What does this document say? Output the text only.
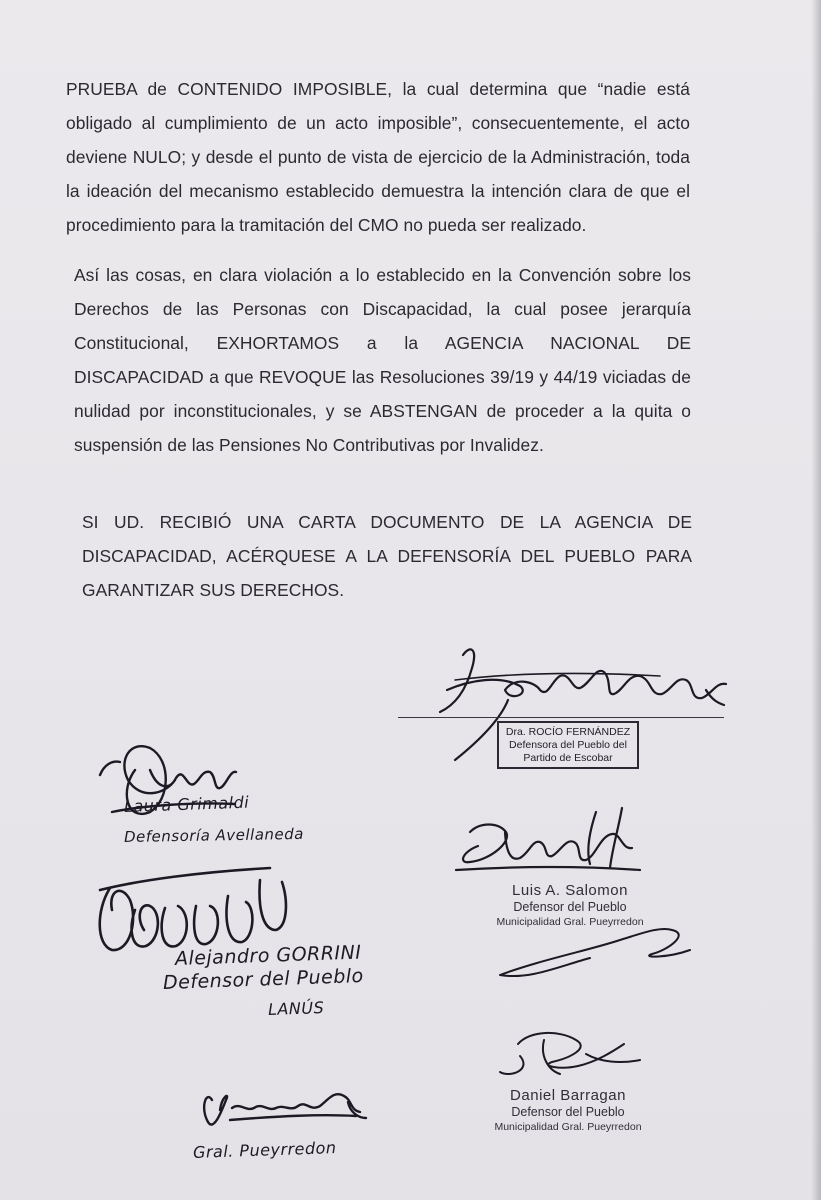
PRUEBA de CONTENIDO IMPOSIBLE, la cual determina que “nadie está
obligado al cumplimiento de un acto imposible”, consecuentemente, el acto
deviene NULO; y desde el punto de vista de ejercicio de la Administración, toda
la ideación del mecanismo establecido demuestra la intención clara de que el
procedimiento para la tramitación del CMO no pueda ser realizado.
Así las cosas, en clara violación a lo establecido en la Convención sobre los
Derechos de las Personas con Discapacidad, la cual posee jerarquía
Constitucional, EXHORTAMOS a la AGENCIA NACIONAL DE
DISCAPACIDAD a que REVOQUE las Resoluciones 39/19 y 44/19 viciadas de
nulidad por inconstitucionales, y se ABSTENGAN de proceder a la quita o
suspensión de las Pensiones No Contributivas por Invalidez.
SI UD. RECIBIÓ UNA CARTA DOCUMENTO DE LA AGENCIA DE
DISCAPACIDAD, ACÉRQUESE A LA DEFENSORÍA DEL PUEBLO PARA
GARANTIZAR SUS DERECHOS.
Dra. ROCÍO FERNÁNDEZ
Defensora del Pueblo del
Partido de Escobar
Luis A. Salomon
Defensor del Pueblo
Municipalidad Gral. Pueyrredon
Daniel Barragan
Defensor del Pueblo
Municipalidad Gral. Pueyrredon
Laura Grimaldi
Defensoría Avellaneda
Alejandro GORRINI
Defensor del Pueblo
LANÚS
Gral. Pueyrredon
